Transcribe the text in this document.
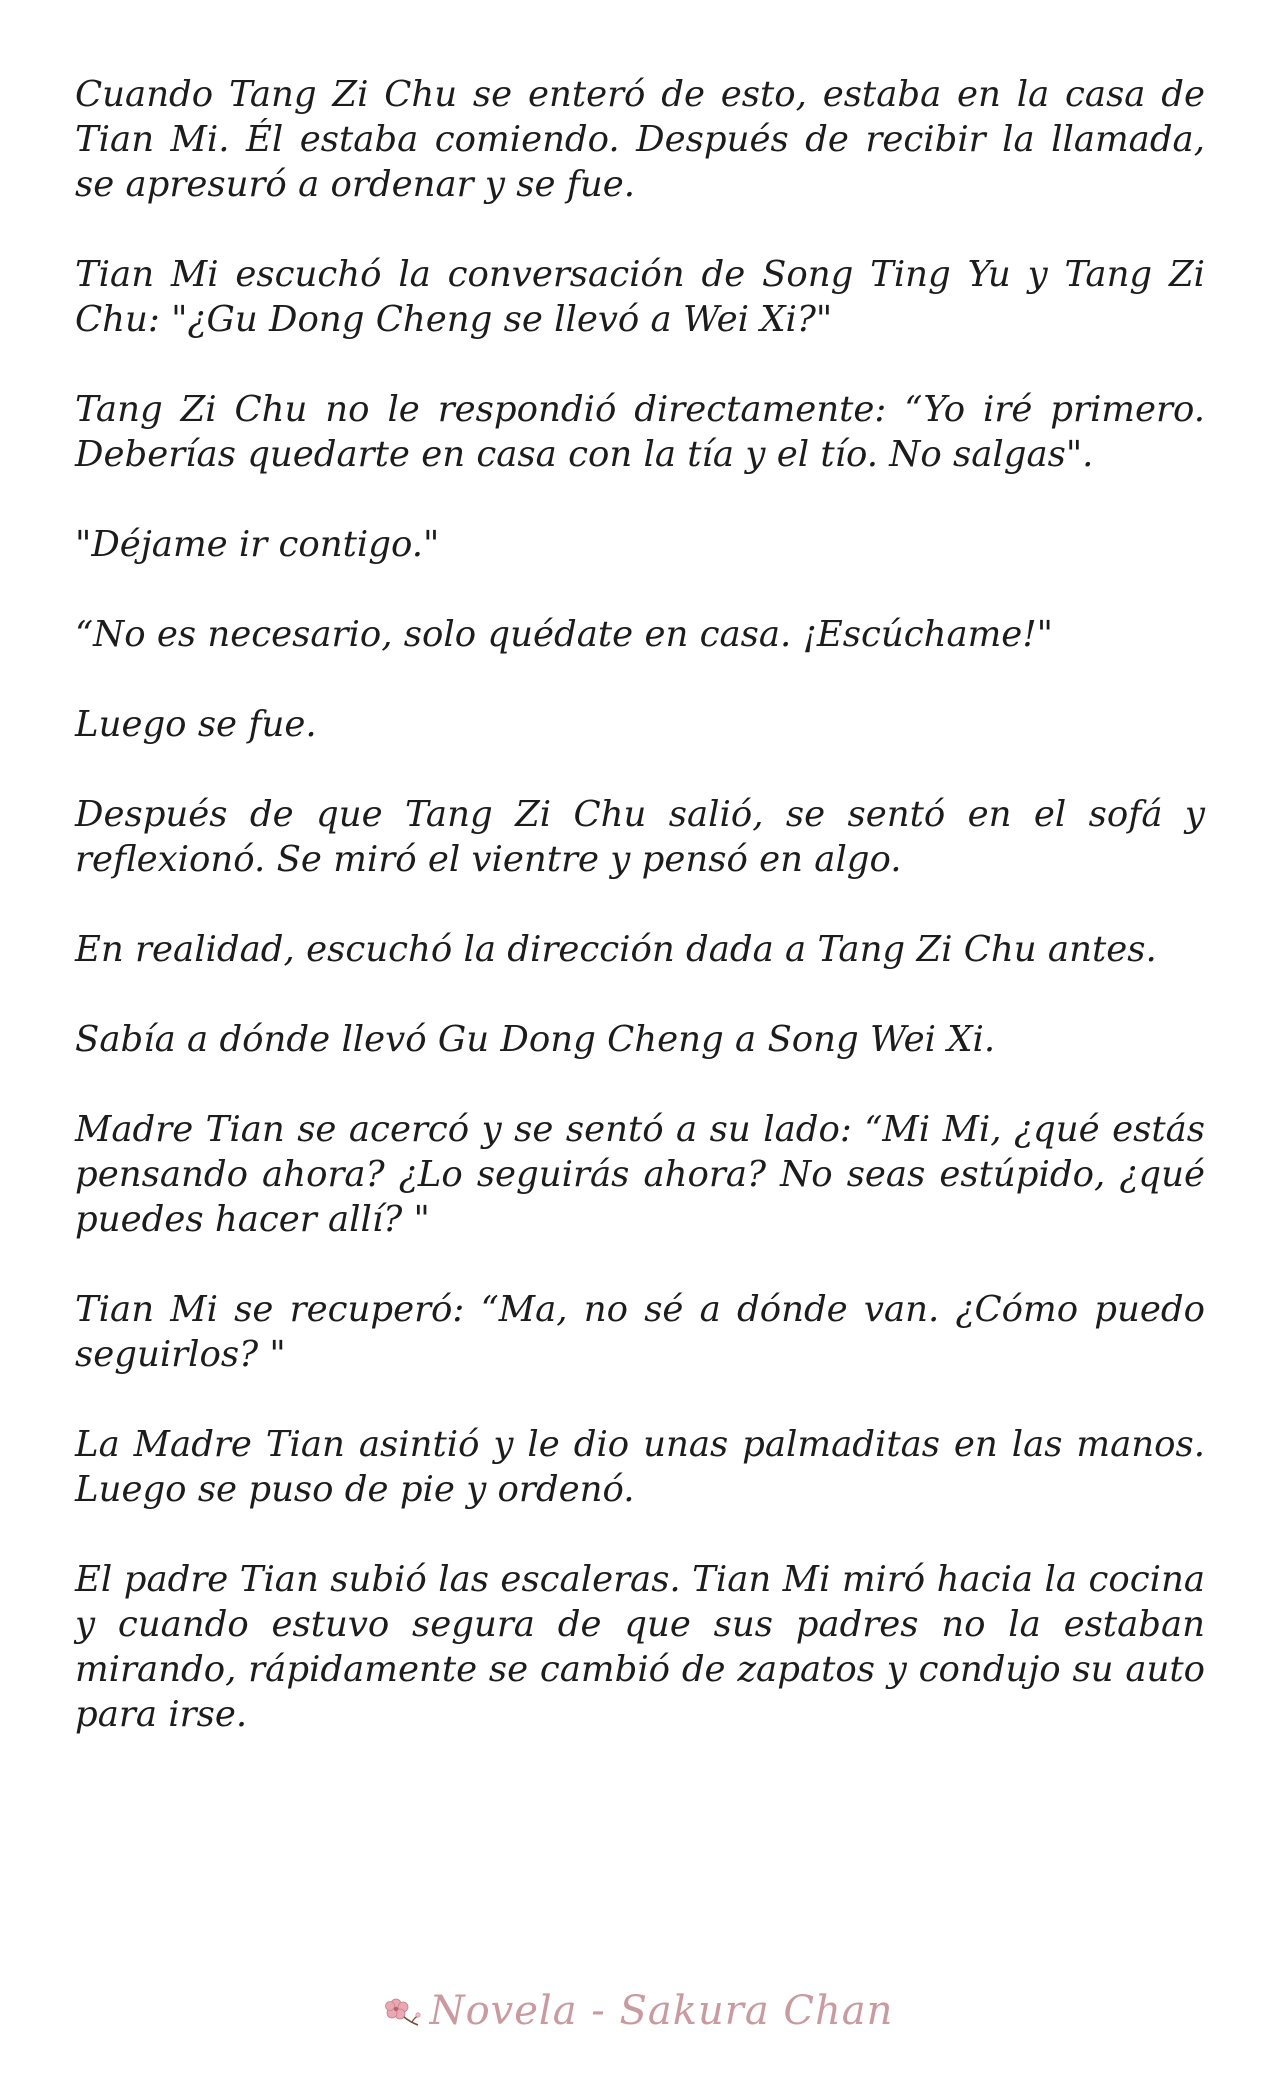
Cuando Tang Zi Chu se enteró de esto, estaba en la casa de Tian Mi. Él estaba comiendo. Después de recibir la llamada, se apresuró a ordenar y se fue.

Tian Mi escuchó la conversación de Song Ting Yu y Tang Zi Chu: "¿Gu Dong Cheng se llevó a Wei Xi?"

Tang Zi Chu no le respondió directamente: “Yo iré primero. Deberías quedarte en casa con la tía y el tío. No salgas".

"Déjame ir contigo."

“No es necesario, solo quédate en casa. ¡Escúchame!"

Luego se fue.

Después de que Tang Zi Chu salió, se sentó en el sofá y reflexionó. Se miró el vientre y pensó en algo.

En realidad, escuchó la dirección dada a Tang Zi Chu antes.

Sabía a dónde llevó Gu Dong Cheng a Song Wei Xi.

Madre Tian se acercó y se sentó a su lado: “Mi Mi, ¿qué estás pensando ahora? ¿Lo seguirás ahora? No seas estúpido, ¿qué puedes hacer allí? "

Tian Mi se recuperó: “Ma, no sé a dónde van. ¿Cómo puedo seguirlos? "

La Madre Tian asintió y le dio unas palmaditas en las manos. Luego se puso de pie y ordenó.

El padre Tian subió las escaleras. Tian Mi miró hacia la cocina y cuando estuvo segura de que sus padres no la estaban mirando, rápidamente se cambió de zapatos y condujo su auto para irse.

Novela - Sakura Chan
